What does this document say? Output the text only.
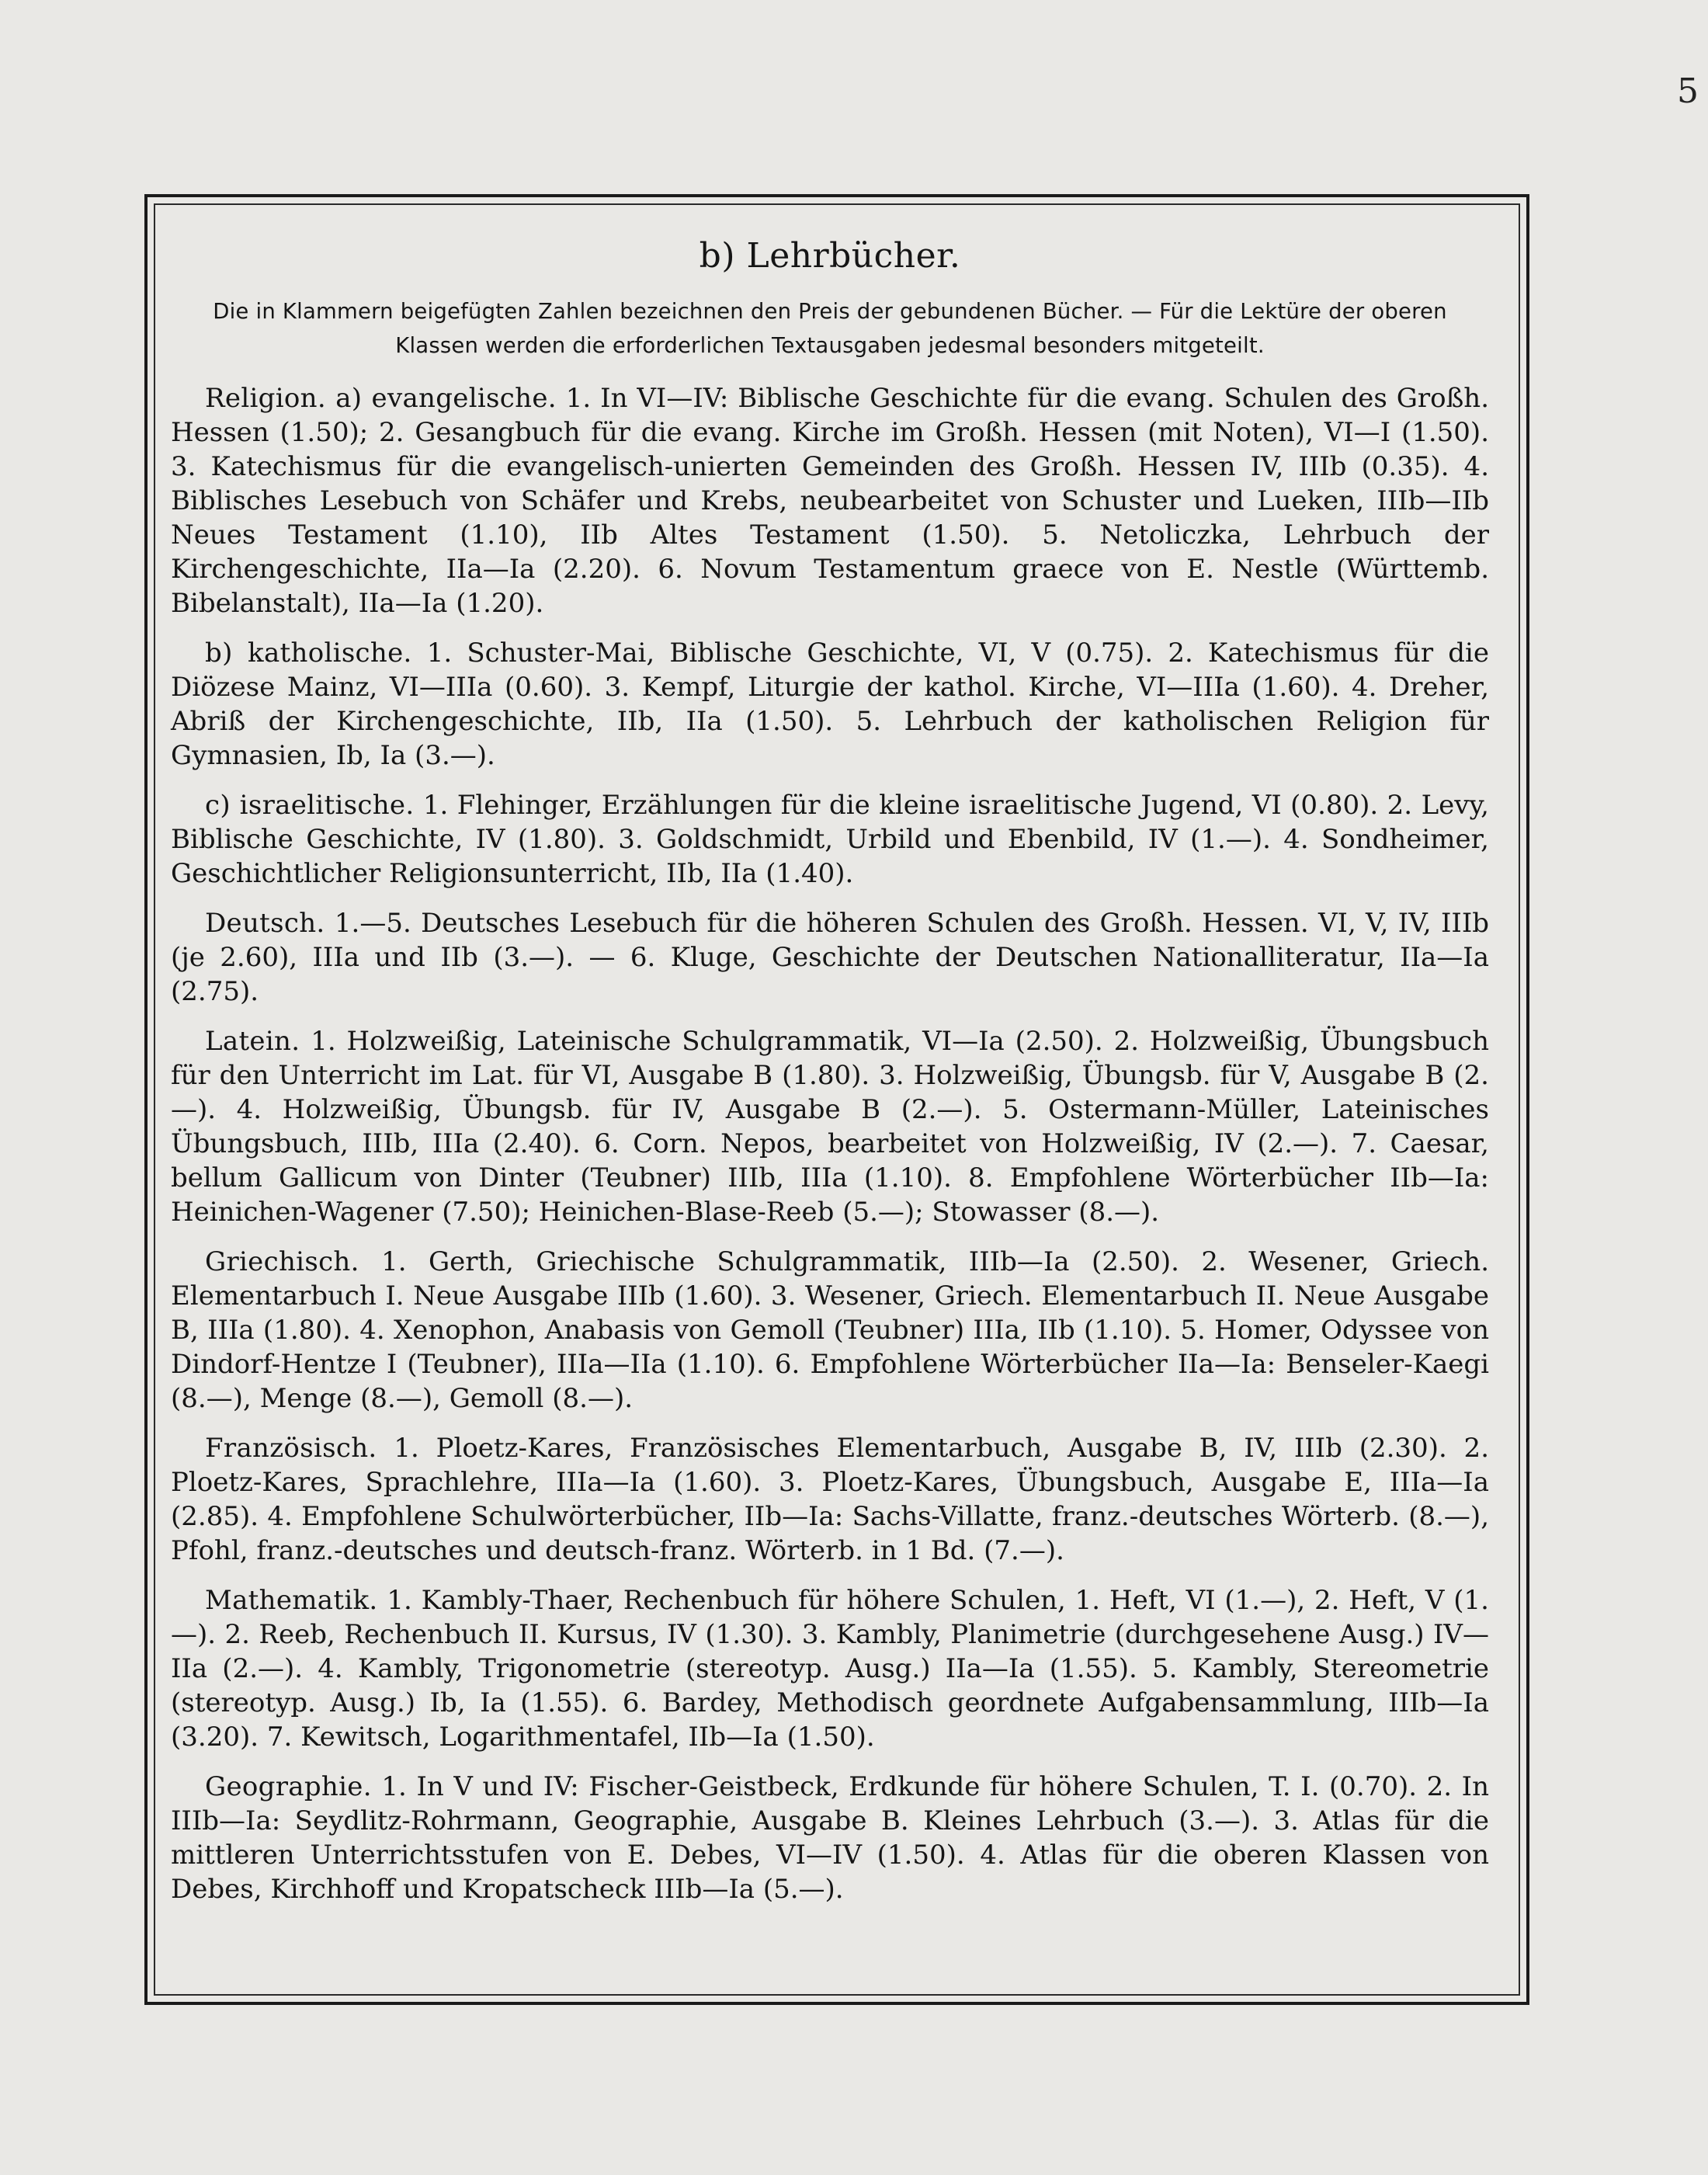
5
b) Lehrbücher.
Die in Klammern beigefügten Zahlen bezeichnen den Preis der gebundenen Bücher. — Für die Lektüre der oberen Klassen werden die erforderlichen Textausgaben jedesmal besonders mitgeteilt.

Religion. a) evangelische. 1. In VI—IV: Biblische Geschichte für die evang. Schulen des Großh. Hessen (1.50); 2. Gesangbuch für die evang. Kirche im Großh. Hessen (mit Noten), VI—I (1.50). 3. Katechismus für die evangelisch-unierten Gemeinden des Großh. Hessen IV, IIIb (0.35). 4. Biblisches Lesebuch von Schäfer und Krebs, neubearbeitet von Schuster und Lueken, IIIb—IIb Neues Testament (1.10), IIb Altes Testament (1.50). 5. Netoliczka, Lehrbuch der Kirchengeschichte, IIa—Ia (2.20). 6. Novum Testamentum graece von E. Nestle (Württemb. Bibelanstalt), IIa—Ia (1.20).

b) katholische. 1. Schuster-Mai, Biblische Geschichte, VI, V (0.75). 2. Katechismus für die Diözese Mainz, VI—IIIa (0.60). 3. Kempf, Liturgie der kathol. Kirche, VI—IIIa (1.60). 4. Dreher, Abriß der Kirchengeschichte, IIb, IIa (1.50). 5. Lehrbuch der katholischen Religion für Gymnasien, Ib, Ia (3.—).

c) israelitische. 1. Flehinger, Erzählungen für die kleine israelitische Jugend, VI (0.80). 2. Levy, Biblische Geschichte, IV (1.80). 3. Goldschmidt, Urbild und Ebenbild, IV (1.—). 4. Sondheimer, Geschichtlicher Religionsunterricht, IIb, IIa (1.40).

Deutsch. 1.—5. Deutsches Lesebuch für die höheren Schulen des Großh. Hessen. VI, V, IV, IIIb (je 2.60), IIIa und IIb (3.—). — 6. Kluge, Geschichte der Deutschen Nationalliteratur, IIa—Ia (2.75).

Latein. 1. Holzweißig, Lateinische Schulgrammatik, VI—Ia (2.50). 2. Holzweißig, Übungsbuch für den Unterricht im Lat. für VI, Ausgabe B (1.80). 3. Holzweißig, Übungsb. für V, Ausgabe B (2.—). 4. Holzweißig, Übungsb. für IV, Ausgabe B (2.—). 5. Ostermann-Müller, Lateinisches Übungsbuch, IIIb, IIIa (2.40). 6. Corn. Nepos, bearbeitet von Holzweißig, IV (2.—). 7. Caesar, bellum Gallicum von Dinter (Teubner) IIIb, IIIa (1.10). 8. Empfohlene Wörterbücher IIb—Ia: Heinichen-Wagener (7.50); Heinichen-Blase-Reeb (5.—); Stowasser (8.—).

Griechisch. 1. Gerth, Griechische Schulgrammatik, IIIb—Ia (2.50). 2. Wesener, Griech. Elementarbuch I. Neue Ausgabe IIIb (1.60). 3. Wesener, Griech. Elementarbuch II. Neue Ausgabe B, IIIa (1.80). 4. Xenophon, Anabasis von Gemoll (Teubner) IIIa, IIb (1.10). 5. Homer, Odyssee von Dindorf-Hentze I (Teubner), IIIa—IIa (1.10). 6. Empfohlene Wörterbücher IIa—Ia: Benseler-Kaegi (8.—), Menge (8.—), Gemoll (8.—).

Französisch. 1. Ploetz-Kares, Französisches Elementarbuch, Ausgabe B, IV, IIIb (2.30). 2. Ploetz-Kares, Sprachlehre, IIIa—Ia (1.60). 3. Ploetz-Kares, Übungsbuch, Ausgabe E, IIIa—Ia (2.85). 4. Empfohlene Schulwörterbücher, IIb—Ia: Sachs-Villatte, franz.-deutsches Wörterb. (8.—), Pfohl, franz.-deutsches und deutsch-franz. Wörterb. in 1 Bd. (7.—).

Mathematik. 1. Kambly-Thaer, Rechenbuch für höhere Schulen, 1. Heft, VI (1.—), 2. Heft, V (1.—). 2. Reeb, Rechenbuch II. Kursus, IV (1.30). 3. Kambly, Planimetrie (durchgesehene Ausg.) IV—IIa (2.—). 4. Kambly, Trigonometrie (stereotyp. Ausg.) IIa—Ia (1.55). 5. Kambly, Stereometrie (stereotyp. Ausg.) Ib, Ia (1.55). 6. Bardey, Methodisch geordnete Aufgabensammlung, IIIb—Ia (3.20). 7. Kewitsch, Logarithmentafel, IIb—Ia (1.50).

Geographie. 1. In V und IV: Fischer-Geistbeck, Erdkunde für höhere Schulen, T. I. (0.70). 2. In IIIb—Ia: Seydlitz-Rohrmann, Geographie, Ausgabe B. Kleines Lehrbuch (3.—). 3. Atlas für die mittleren Unterrichtsstufen von E. Debes, VI—IV (1.50). 4. Atlas für die oberen Klassen von Debes, Kirchhoff und Kropatscheck IIIb—Ia (5.—).
